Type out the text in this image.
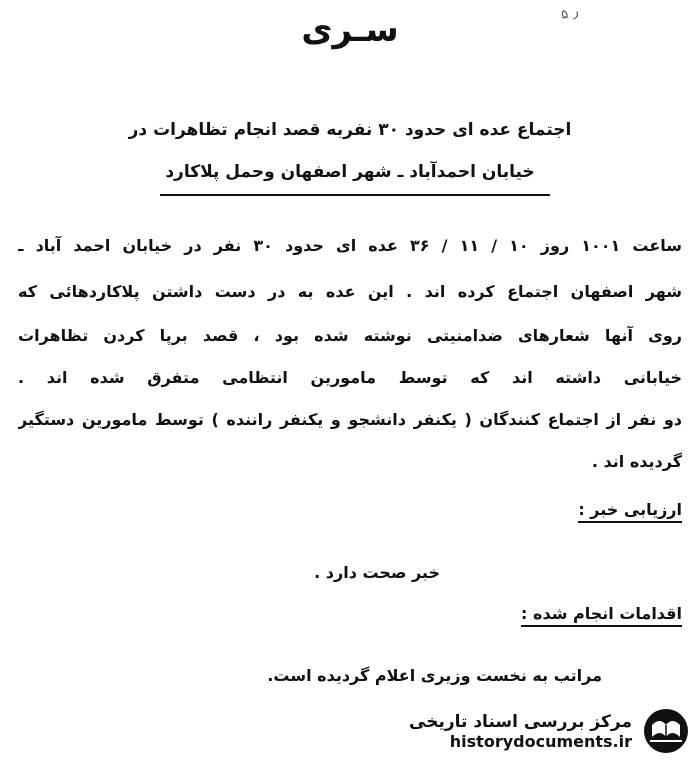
ر ۵
سـری
اجتماع عده ای حدود ۳۰ نفربه قصد انجام تظاهرات در
خیابان احمدآباد ـ شهر اصفهان وحمل پلاکارد
ساعت ۱۰۰۱ روز ۱۰ / ۱۱ / ۳۶ عده ای حدود ۳۰ نفر در خیابان احمد آباد ـ
شهر اصفهان اجتماع کرده اند . این عده به در دست داشتن پلاکاردهائی که
روی آنها شعارهای ضدامنیتی نوشته شده بود ، قصد برپا کردن تظاهرات
خیابانی داشته اند که توسط مامورین انتظامی متفرق شده اند .
دو نفر از اجتماع کنندگان ( یکنفر دانشجو و یکنفر راننده ) توسط مامورین دستگیر
گردیده اند .
ارزیابی خبر :
خبر صحت دارد .
اقدامات انجام شده :
مراتب به نخست وزیری اعلام گردیده است.
مرکز بررسی اسناد تاریخی
historydocuments.ir
